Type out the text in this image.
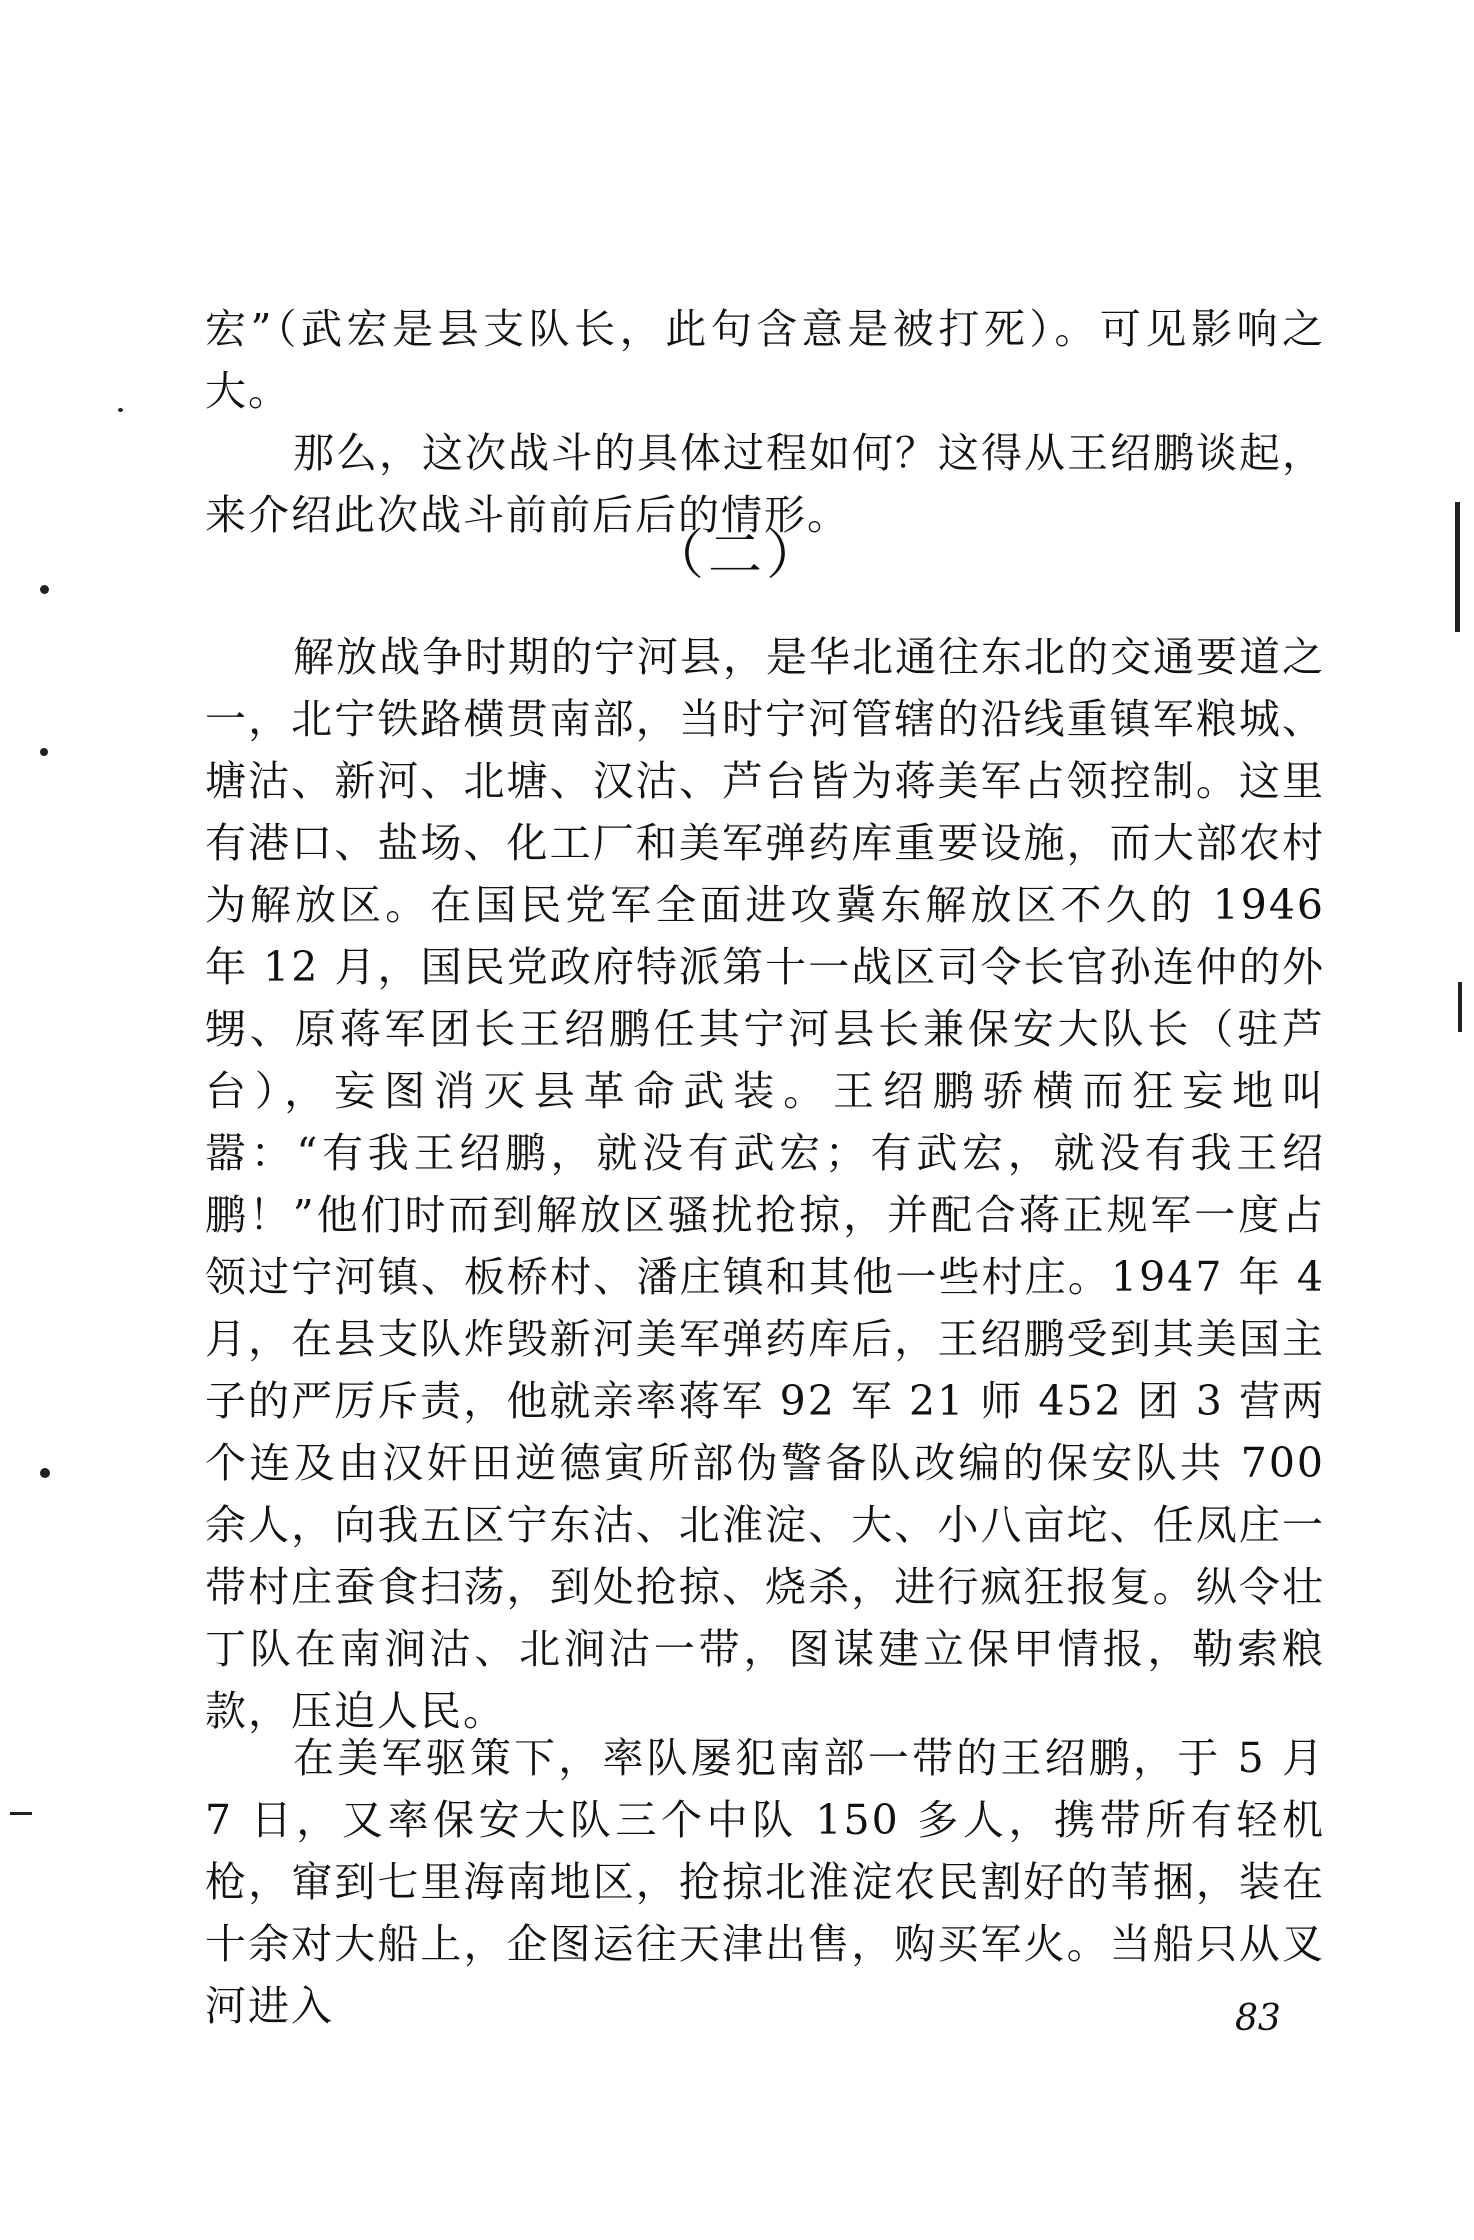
宏”（武宏是县支队长，此句含意是被打死）。可见影响之大。

那么，这次战斗的具体过程如何？这得从王绍鹏谈起，来介绍此次战斗前前后后的情形。

（二）

解放战争时期的宁河县，是华北通往东北的交通要道之一，北宁铁路横贯南部，当时宁河管辖的沿线重镇军粮城、塘沽、新河、北塘、汉沽、芦台皆为蒋美军占领控制。这里有港口、盐场、化工厂和美军弹药库重要设施，而大部农村为解放区。在国民党军全面进攻冀东解放区不久的 1946 年 12 月，国民党政府特派第十一战区司令长官孙连仲的外甥、原蒋军团长王绍鹏任其宁河县长兼保安大队长（驻芦台），妄图消灭县革命武装。王绍鹏骄横而狂妄地叫嚣：“有我王绍鹏，就没有武宏；有武宏，就没有我王绍鹏！”他们时而到解放区骚扰抢掠，并配合蒋正规军一度占领过宁河镇、板桥村、潘庄镇和其他一些村庄。1947 年 4 月，在县支队炸毁新河美军弹药库后，王绍鹏受到其美国主子的严厉斥责，他就亲率蒋军 92 军 21 师 452 团 3 营两个连及由汉奸田逆德寅所部伪警备队改编的保安队共 700 余人，向我五区宁东沽、北淮淀、大、小八亩坨、任凤庄一带村庄蚕食扫荡，到处抢掠、烧杀，进行疯狂报复。纵令壮丁队在南涧沽、北涧沽一带，图谋建立保甲情报，勒索粮款，压迫人民。

在美军驱策下，率队屡犯南部一带的王绍鹏，于 5 月 7 日，又率保安大队三个中队 150 多人，携带所有轻机枪，窜到七里海南地区，抢掠北淮淀农民割好的苇捆，装在十余对大船上，企图运往天津出售，购买军火。当船只从叉河进入	83
